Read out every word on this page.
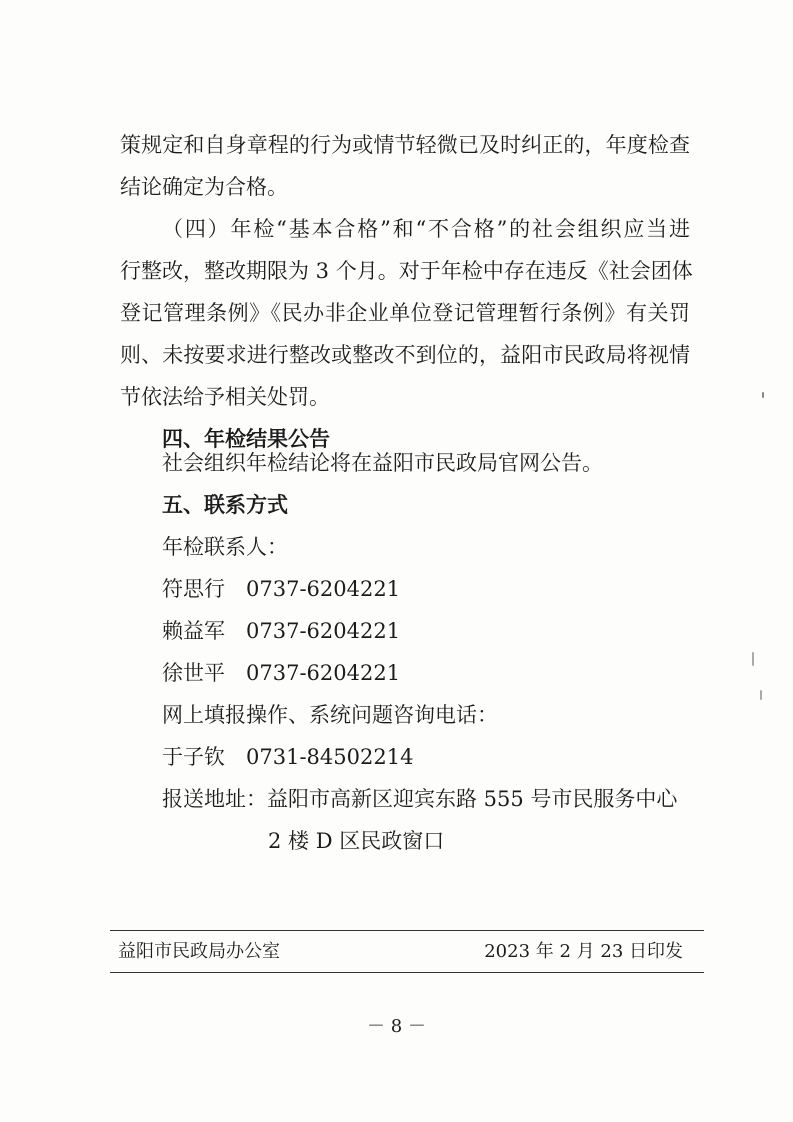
策规定和自身章程的行为或情节轻微已及时纠正的，年度检查
结论确定为合格。
（四）年检“基本合格”和“不合格”的社会组织应当进
行整改，整改期限为 3 个月。对于年检中存在违反《社会团体
登记管理条例》《民办非企业单位登记管理暂行条例》有关罚
则、未按要求进行整改或整改不到位的，益阳市民政局将视情
节依法给予相关处罚。
四、年检结果公告
社会组织年检结论将在益阳市民政局官网公告。
五、联系方式
年检联系人：
符思行 0737-6204221
赖益军 0737-6204221
徐世平 0737-6204221
网上填报操作、系统问题咨询电话：
于子钦 0731-84502214
报送地址：益阳市高新区迎宾东路 555 号市民服务中心
2 楼 D 区民政窗口
益阳市民政局办公室	2023 年 2 月 23 日印发
－ 8 －
